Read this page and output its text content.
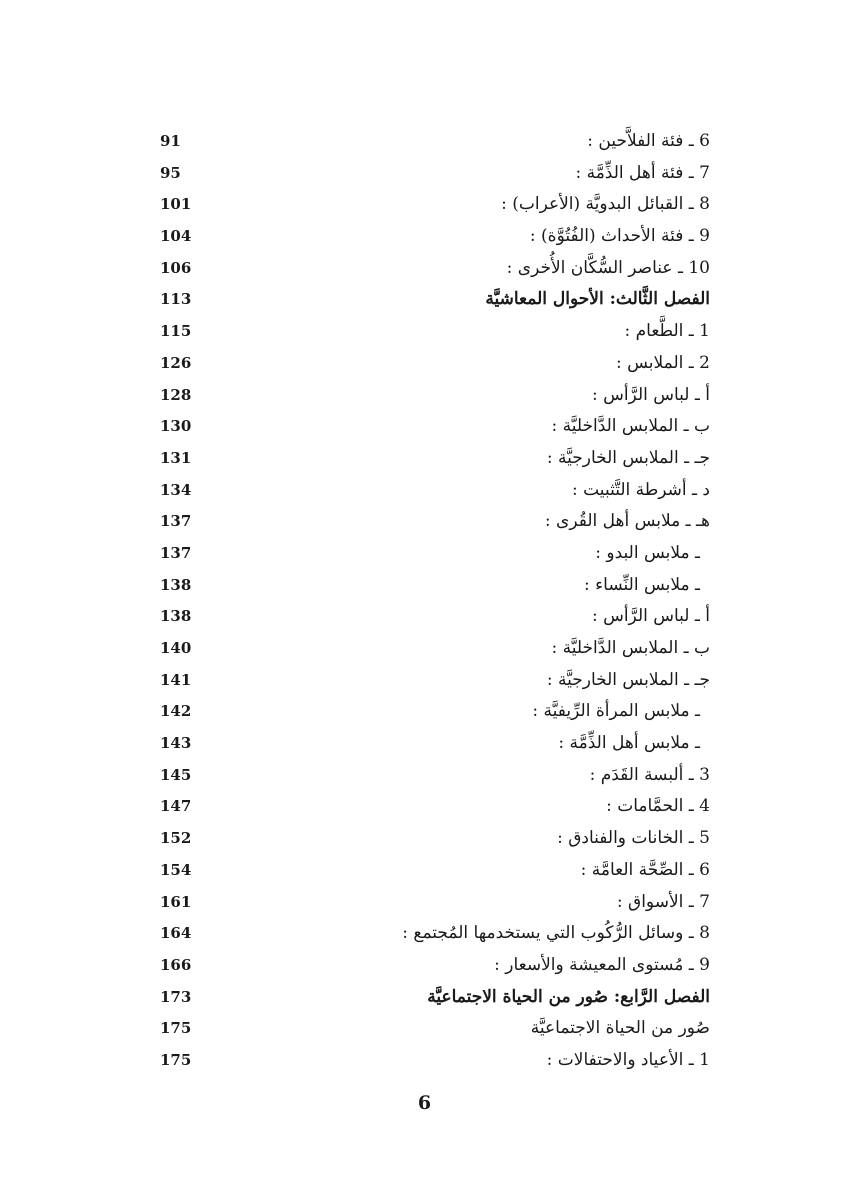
6 ـ فئة الفلاَّحين :
91
7 ـ فئة أهل الذِّمَّة :
95
8 ـ القبائل البدويَّة (الأعراب) :
101
9 ـ فئة الأحداث (الفُتُوَّة) :
104
10 ـ عناصر السُّكَّان الأُخرى :
106
الفصل الثَّالث: الأحوال المعاشيَّة
113
1 ـ الطَّعام :
115
2 ـ الملابس :
126
أ ـ لباس الرَّأس :
128
ب ـ الملابس الدَّاخليَّة :
130
جـ ـ الملابس الخارجيَّة :
131
د ـ أشرطة التَّثبيت :
134
هـ ـ ملابس أهل القُرى :
137
ـ ملابس البدو :
137
ـ ملابس النِّساء :
138
أ ـ لباس الرَّأس :
138
ب ـ الملابس الدَّاخليَّة :
140
جـ ـ الملابس الخارجيَّة :
141
ـ ملابس المرأة الرِّيفيَّة :
142
ـ ملابس أهل الذِّمَّة :
143
3 ـ ألبسة القَدَم :
145
4 ـ الحمَّامات :
147
5 ـ الخانات والفنادق :
152
6 ـ الصِّحَّة العامَّة :
154
7 ـ الأسواق :
161
8 ـ وسائل الرُّكُوب التي يستخدمها المُجتمع :
164
9 ـ مُستوى المعيشة والأسعار :
166
الفصل الرَّابع: صُور من الحياة الاجتماعيَّة
173
صُور من الحياة الاجتماعيَّة
175
1 ـ الأعياد والاحتفالات :
175
6
